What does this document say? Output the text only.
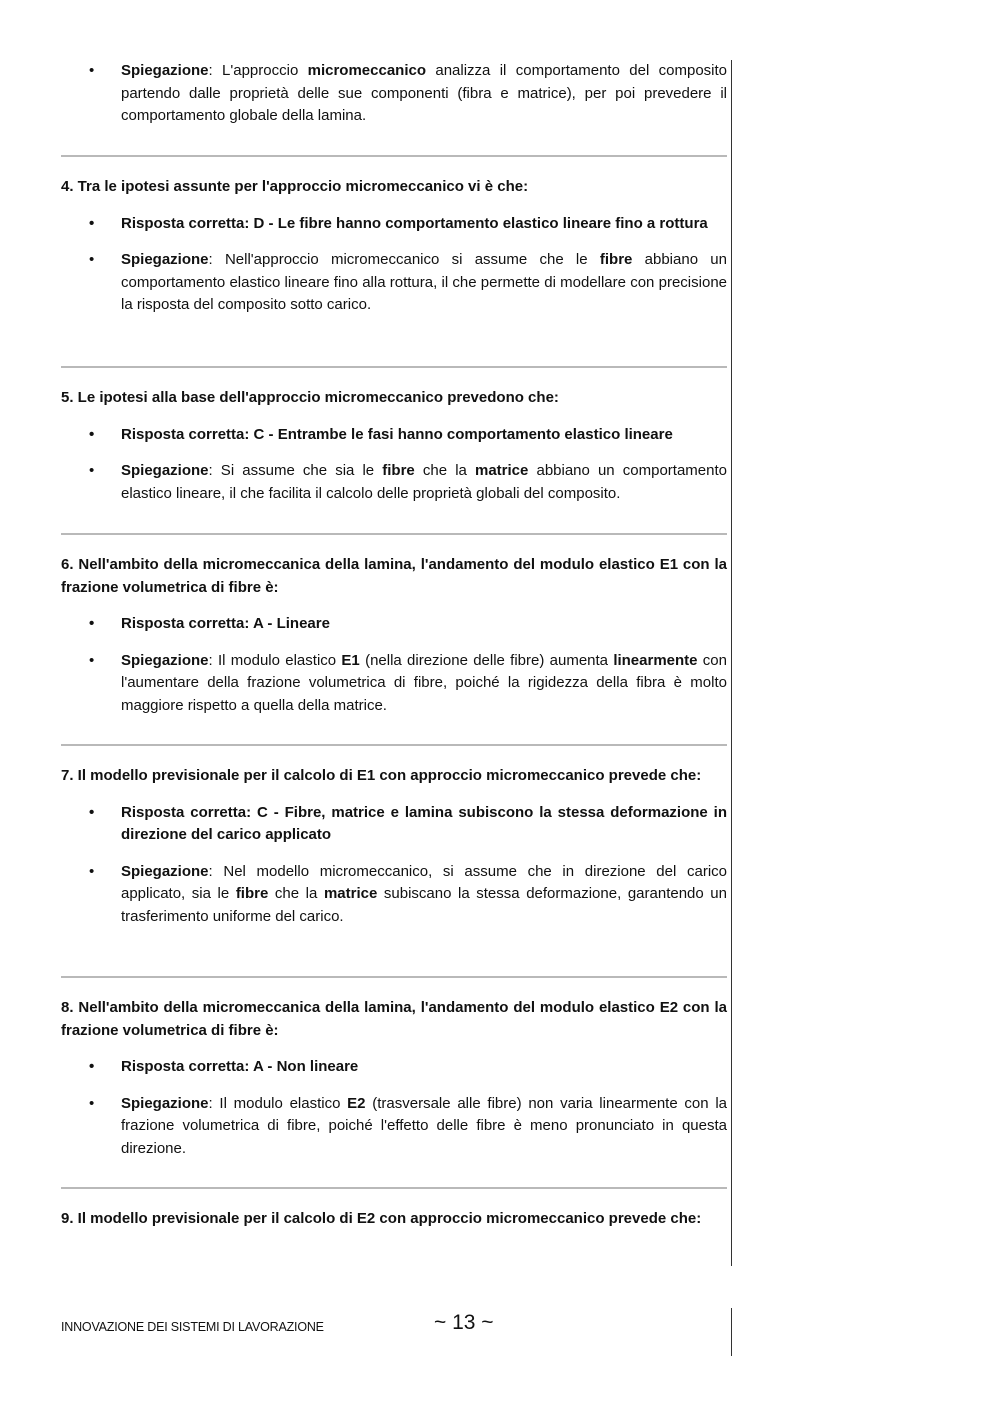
• Spiegazione: L'approccio micromeccanico analizza il comportamento del composito partendo dalle proprietà delle sue componenti (fibra e matrice), per poi prevedere il comportamento globale della lamina.

4. Tra le ipotesi assunte per l'approccio micromeccanico vi è che:

• Risposta corretta: D - Le fibre hanno comportamento elastico lineare fino a rottura
• Spiegazione: Nell'approccio micromeccanico si assume che le fibre abbiano un comportamento elastico lineare fino alla rottura, il che permette di modellare con precisione la risposta del composito sotto carico.

5. Le ipotesi alla base dell'approccio micromeccanico prevedono che:

• Risposta corretta: C - Entrambe le fasi hanno comportamento elastico lineare
• Spiegazione: Si assume che sia le fibre che la matrice abbiano un comportamento elastico lineare, il che facilita il calcolo delle proprietà globali del composito.

6. Nell'ambito della micromeccanica della lamina, l'andamento del modulo elastico E1 con la frazione volumetrica di fibre è:

• Risposta corretta: A - Lineare
• Spiegazione: Il modulo elastico E1 (nella direzione delle fibre) aumenta linearmente con l'aumentare della frazione volumetrica di fibre, poiché la rigidezza della fibra è molto maggiore rispetto a quella della matrice.

7. Il modello previsionale per il calcolo di E1 con approccio micromeccanico prevede che:

• Risposta corretta: C - Fibre, matrice e lamina subiscono la stessa deformazione in direzione del carico applicato
• Spiegazione: Nel modello micromeccanico, si assume che in direzione del carico applicato, sia le fibre che la matrice subiscano la stessa deformazione, garantendo un trasferimento uniforme del carico.

8. Nell'ambito della micromeccanica della lamina, l'andamento del modulo elastico E2 con la frazione volumetrica di fibre è:

• Risposta corretta: A - Non lineare
• Spiegazione: Il modulo elastico E2 (trasversale alle fibre) non varia linearmente con la frazione volumetrica di fibre, poiché l'effetto delle fibre è meno pronunciato in questa direzione.

9. Il modello previsionale per il calcolo di E2 con approccio micromeccanico prevede che:

INNOVAZIONE DEI SISTEMI DI LAVORAZIONE	~ 13 ~
